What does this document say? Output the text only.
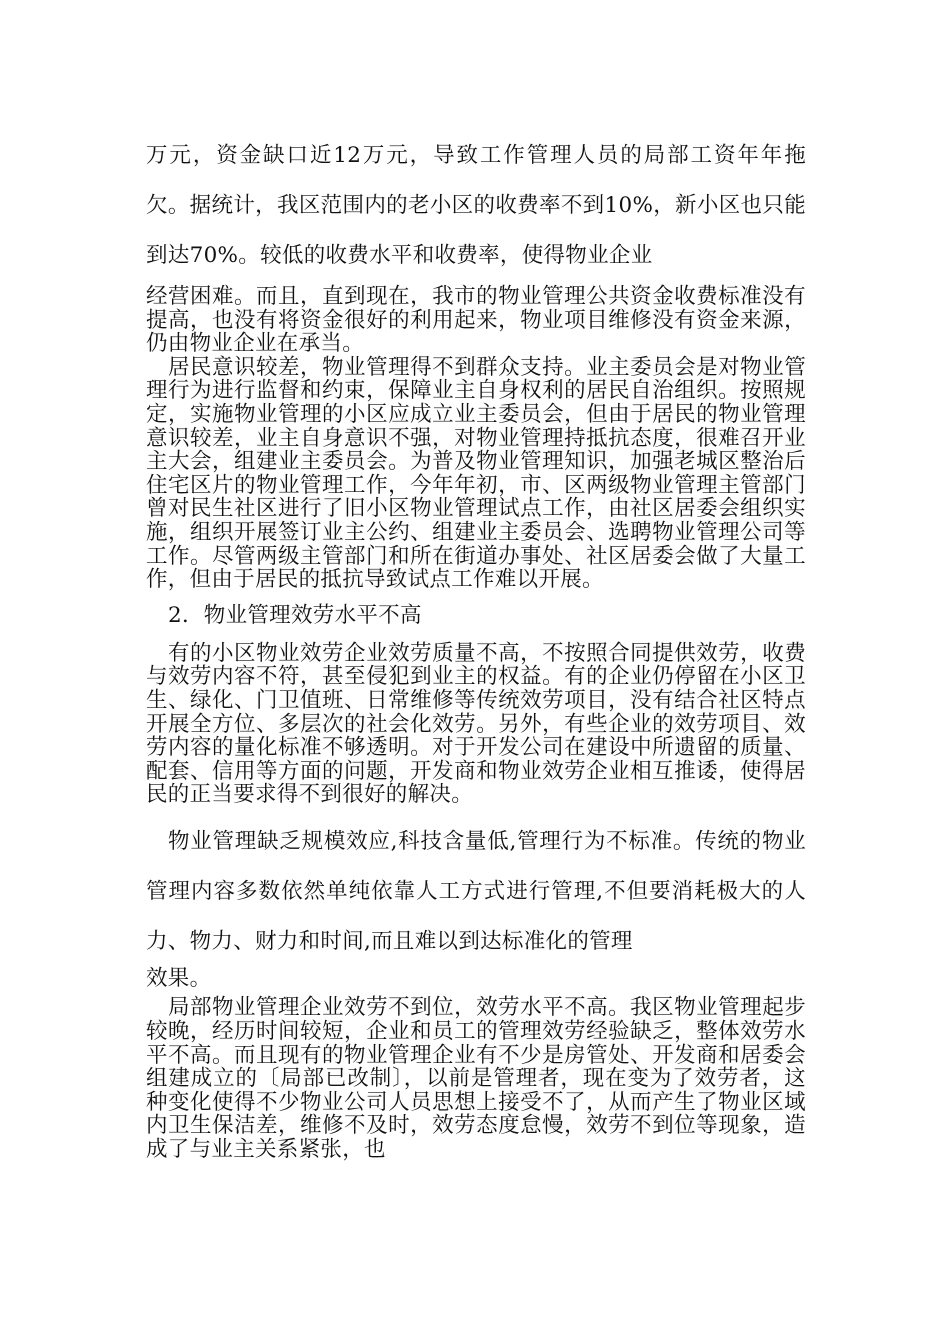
万元，资金缺口近12万元，导致工作管理人员的局部工资年年拖欠。据统计，我区范围内的老小区的收费率不到10%，新小区也只能到达70%。较低的收费水平和收费率，使得物业企业

经营困难。而且，直到现在，我市的物业管理公共资金收费标准没有提高，也没有将资金很好的利用起来，物业项目维修没有资金来源，仍由物业企业在承当。

居民意识较差，物业管理得不到群众支持。业主委员会是对物业管理行为进行监督和约束，保障业主自身权利的居民自治组织。按照规定，实施物业管理的小区应成立业主委员会，但由于居民的物业管理意识较差，业主自身意识不强，对物业管理持抵抗态度，很难召开业主大会，组建业主委员会。为普及物业管理知识，加强老城区整治后住宅区片的物业管理工作，今年年初，市、区两级物业管理主管部门曾对民生社区进行了旧小区物业管理试点工作，由社区居委会组织实施，组织开展签订业主公约、组建业主委员会、选聘物业管理公司等工作。尽管两级主管部门和所在街道办事处、社区居委会做了大量工作，但由于居民的抵抗导致试点工作难以开展。

2．物业管理效劳水平不高

有的小区物业效劳企业效劳质量不高，不按照合同提供效劳，收费与效劳内容不符，甚至侵犯到业主的权益。有的企业仍停留在小区卫生、绿化、门卫值班、日常维修等传统效劳项目，没有结合社区特点开展全方位、多层次的社会化效劳。另外，有些企业的效劳项目、效劳内容的量化标准不够透明。对于开发公司在建设中所遗留的质量、配套、信用等方面的问题，开发商和物业效劳企业相互推诿，使得居民的正当要求得不到很好的解决。

物业管理缺乏规模效应,科技含量低,管理行为不标准。传统的物业管理内容多数依然单纯依靠人工方式进行管理,不但要消耗极大的人力、物力、财力和时间,而且难以到达标准化的管理

效果。

局部物业管理企业效劳不到位，效劳水平不高。我区物业管理起步较晚，经历时间较短，企业和员工的管理效劳经验缺乏，整体效劳水平不高。而且现有的物业管理企业有不少是房管处、开发商和居委会组建成立的〔局部已改制〕，以前是管理者，现在变为了效劳者，这种变化使得不少物业公司人员思想上接受不了，从而产生了物业区域内卫生保洁差，维修不及时，效劳态度怠慢，效劳不到位等现象，造成了与业主关系紧张，也
